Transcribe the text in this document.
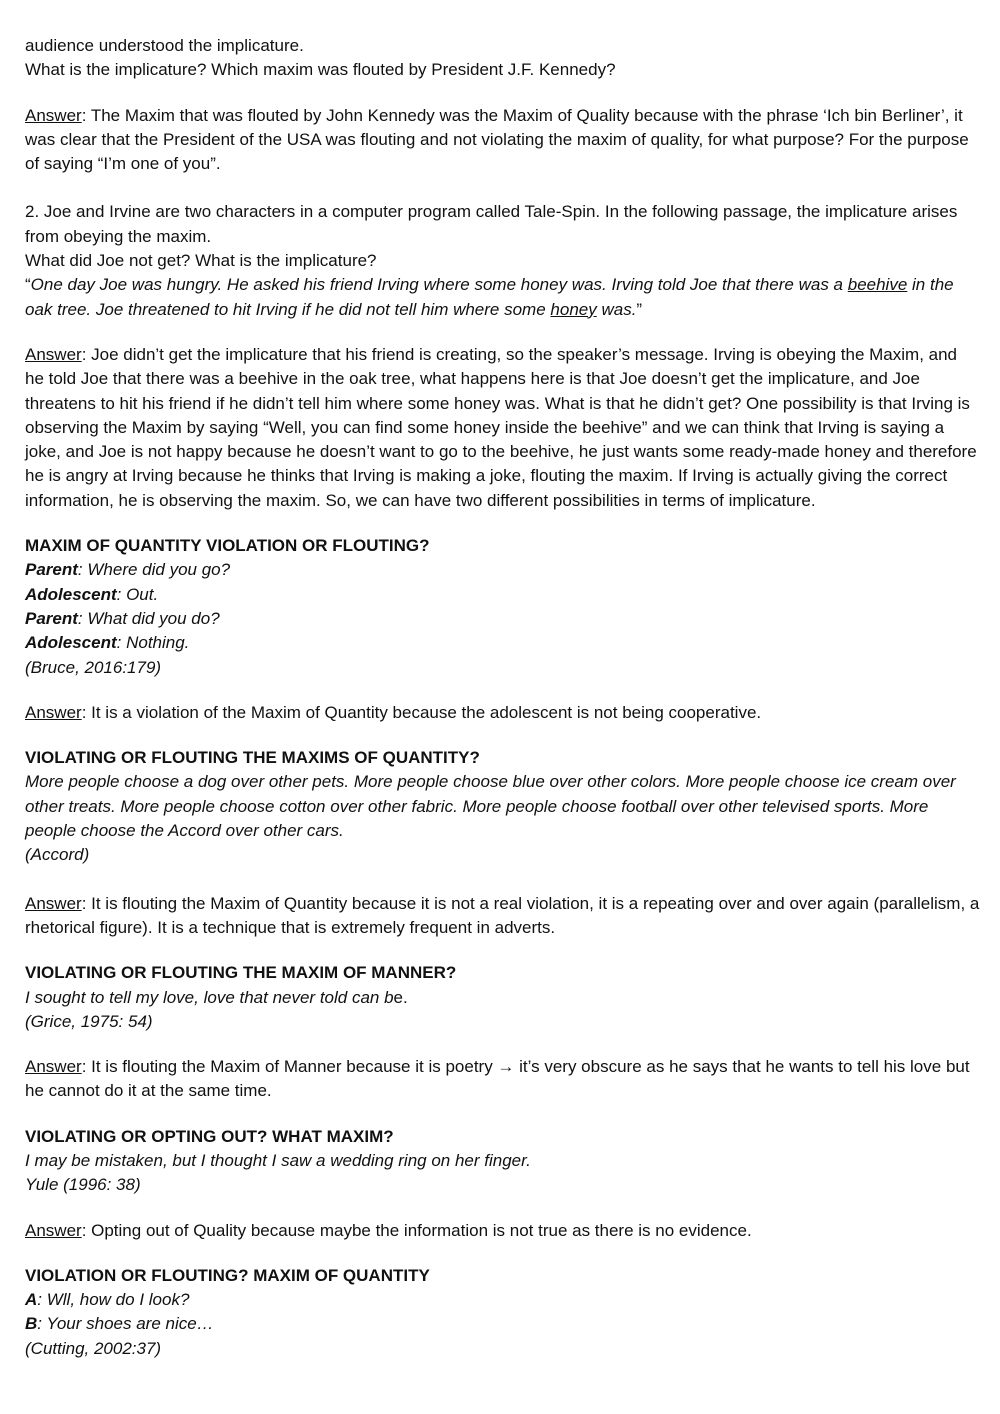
audience understood the implicature.

What is the implicature? Which maxim was flouted by President J.F. Kennedy?

Answer: The Maxim that was flouted by John Kennedy was the Maxim of Quality because with the phrase ‘Ich bin Berliner’, it was clear that the President of the USA was flouting and not violating the maxim of quality, for what purpose? For the purpose of saying “I’m one of you”.

2. Joe and Irvine are two characters in a computer program called Tale-Spin. In the following passage, the implicature arises from obeying the maxim.

What did Joe not get? What is the implicature?

“One day Joe was hungry. He asked his friend Irving where some honey was. Irving told Joe that there was a beehive in the oak tree. Joe threatened to hit Irving if he did not tell him where some honey was.”

Answer: Joe didn’t get the implicature that his friend is creating, so the speaker’s message. Irving is obeying the Maxim, and he told Joe that there was a beehive in the oak tree, what happens here is that Joe doesn’t get the implicature, and Joe threatens to hit his friend if he didn’t tell him where some honey was. What is that he didn’t get? One possibility is that Irving is observing the Maxim by saying “Well, you can find some honey inside the beehive” and we can think that Irving is saying a joke, and Joe is not happy because he doesn’t want to go to the beehive, he just wants some ready-made honey and therefore he is angry at Irving because he thinks that Irving is making a joke, flouting the maxim. If Irving is actually giving the correct information, he is observing the maxim. So, we can have two different possibilities in terms of implicature.

MAXIM OF QUANTITY VIOLATION OR FLOUTING?

Parent: Where did you go?

Adolescent: Out.

Parent: What did you do?

Adolescent: Nothing.

(Bruce, 2016:179)

Answer: It is a violation of the Maxim of Quantity because the adolescent is not being cooperative.

VIOLATING OR FLOUTING THE MAXIMS OF QUANTITY?

More people choose a dog over other pets. More people choose blue over other colors. More people choose ice cream over other treats. More people choose cotton over other fabric. More people choose football over other televised sports. More people choose the Accord over other cars.

(Accord)

Answer: It is flouting the Maxim of Quantity because it is not a real violation, it is a repeating over and over again (parallelism, a rhetorical figure). It is a technique that is extremely frequent in adverts.

VIOLATING OR FLOUTING THE MAXIM OF MANNER?

I sought to tell my love, love that never told can be.

(Grice, 1975: 54)

Answer: It is flouting the Maxim of Manner because it is poetry → it’s very obscure as he says that he wants to tell his love but he cannot do it at the same time.

VIOLATING OR OPTING OUT? WHAT MAXIM?

I may be mistaken, but I thought I saw a wedding ring on her finger.

Yule (1996: 38)

Answer: Opting out of Quality because maybe the information is not true as there is no evidence.

VIOLATION OR FLOUTING? MAXIM OF QUANTITY

A: Wll, how do I look?

B: Your shoes are nice…

(Cutting, 2002:37)
